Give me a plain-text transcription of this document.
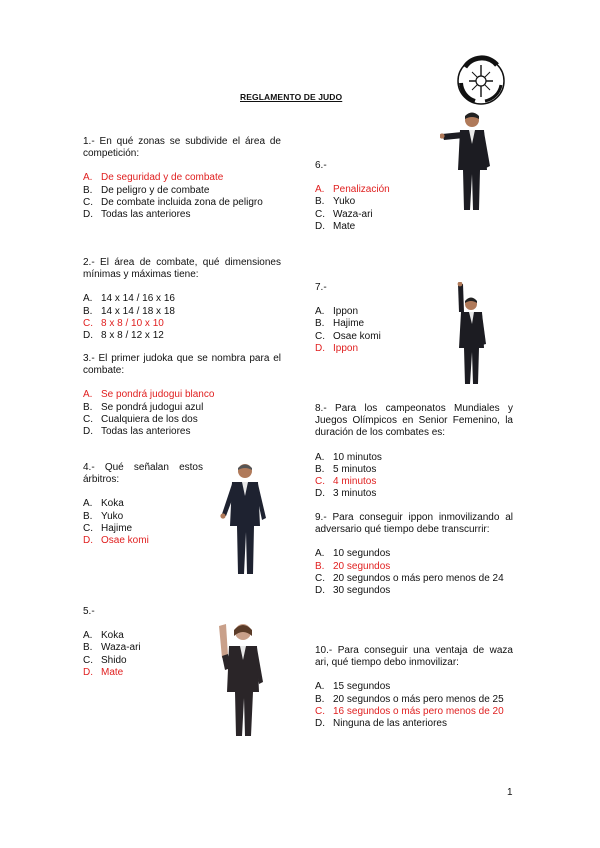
REGLAMENTO DE JUDO

1.- En qué zonas se subdivide el área de competición:

A. De seguridad y de combate
B. De peligro y de combate
C. De combate incluida zona de peligro
D. Todas las anteriores

2.- El área de combate, qué dimensiones mínimas y máximas tiene:

A. 14 x 14 / 16 x 16
B. 14 x 14 / 18 x 18
C. 8 x 8 / 10 x 10
D. 8 x 8 / 12 x 12

3.- El primer judoka que se nombra para el combate:

A. Se pondrá judogui blanco
B. Se pondrá judogui azul
C. Cualquiera de los dos
D. Todas las anteriores

4.- Qué señalan estos árbitros:

A. Koka
B. Yuko
C. Hajime
D. Osae komi

5.-

A. Koka
B. Waza-ari
C. Shido
D. Mate

6.-

A. Penalización
B. Yuko
C. Waza-ari
D. Mate

7.-

A. Ippon
B. Hajime
C. Osae komi
D. Ippon

8.- Para los campeonatos Mundiales y Juegos Olímpicos en Senior Femenino, la duración de los combates es:

A. 10 minutos
B. 5 minutos
C. 4 minutos
D. 3 minutos

9.- Para conseguir ippon inmovilizando al adversario qué tiempo debe transcurrir:

A. 10 segundos
B. 20 segundos
C. 20 segundos o más pero menos de 24
D. 30 segundos

10.- Para conseguir una ventaja de waza ari, qué tiempo debo inmovilizar:

A. 15 segundos
B. 20 segundos o más pero menos de 25
C. 16 segundos o más pero menos de 20
D. Ninguna de las anteriores
1
